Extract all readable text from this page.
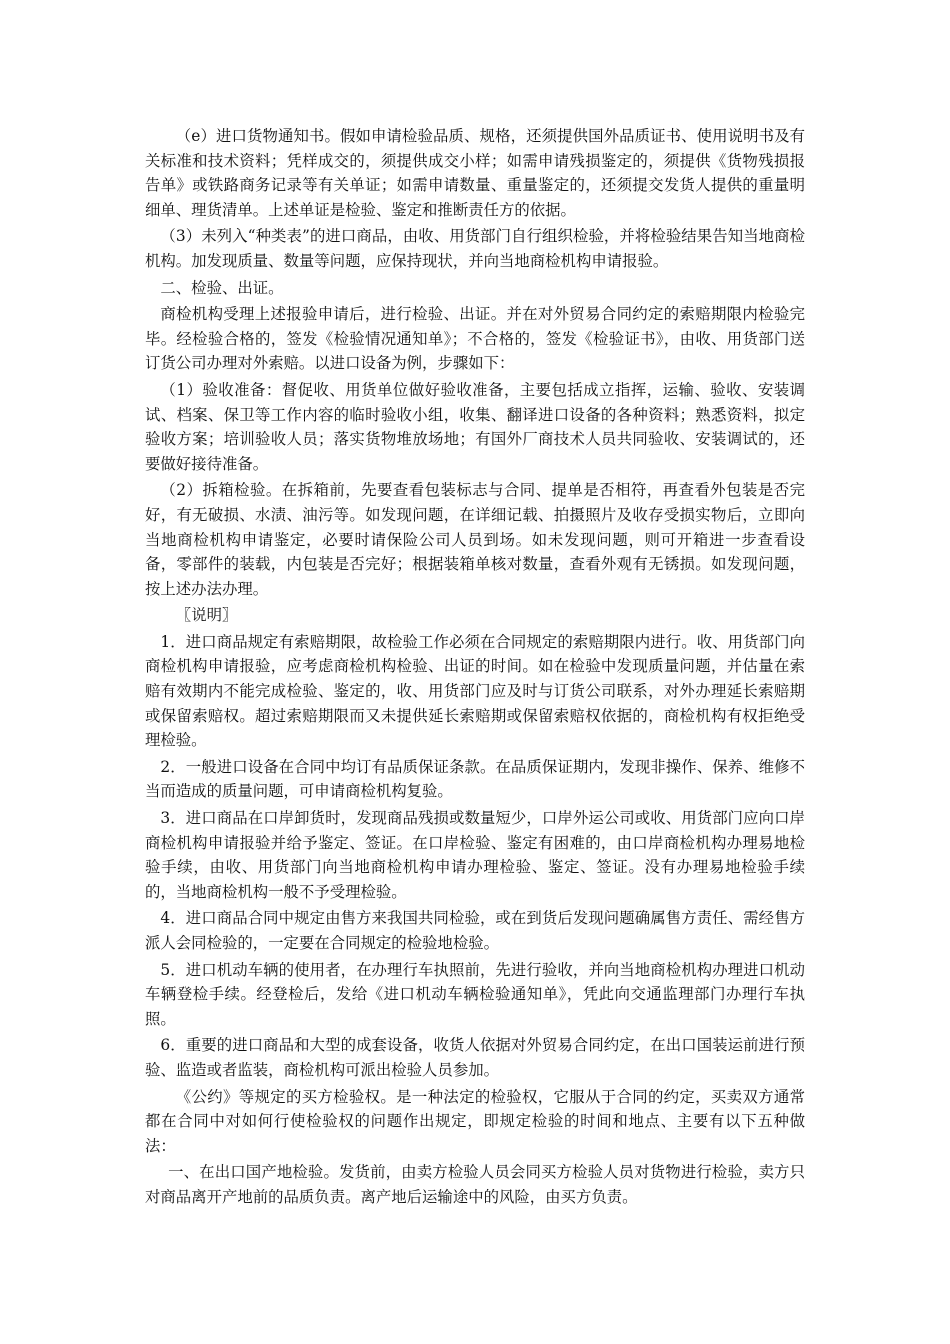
（e）进口货物通知书。假如申请检验品质、规格，还须提供国外品质证书、使用说明书及有关标准和技术资料；凭样成交的，须提供成交小样；如需申请残损鉴定的，须提供《货物残损报告单》或铁路商务记录等有关单证；如需申请数量、重量鉴定的，还须提交发货人提供的重量明细单、理货清单。上述单证是检验、鉴定和推断责任方的依据。

（3）未列入“种类表”的进口商品，由收、用货部门自行组织检验，并将检验结果告知当地商检机构。加发现质量、数量等问题，应保持现状，并向当地商检机构申请报验。

二、检验、出证。

商检机构受理上述报验申请后，进行检验、出证。并在对外贸易合同约定的索赔期限内检验完毕。经检验合格的，签发《检验情况通知单》；不合格的，签发《检验证书》，由收、用货部门送订货公司办理对外索赔。以进口设备为例，步骤如下：

（1）验收准备：督促收、用货单位做好验收准备，主要包括成立指挥，运输、验收、安装调试、档案、保卫等工作内容的临时验收小组，收集、翻译进口设备的各种资料；熟悉资料，拟定验收方案；培训验收人员；落实货物堆放场地；有国外厂商技术人员共同验收、安装调试的，还要做好接待准备。

（2）拆箱检验。在拆箱前，先要查看包装标志与合同、提单是否相符，再查看外包装是否完好，有无破损、水渍、油污等。如发现问题，在详细记载、拍摄照片及收存受损实物后，立即向当地商检机构申请鉴定，必要时请保险公司人员到场。如未发现问题，则可开箱进一步查看设备，零部件的装载，内包装是否完好；根据装箱单核对数量，查看外观有无锈损。如发现问题，按上述办法办理。

〖说明〗

1．进口商品规定有索赔期限，故检验工作必须在合同规定的索赔期限内进行。收、用货部门向商检机构申请报验，应考虑商检机构检验、出证的时间。如在检验中发现质量问题，并估量在索赔有效期内不能完成检验、鉴定的，收、用货部门应及时与订货公司联系，对外办理延长索赔期或保留索赔权。超过索赔期限而又未提供延长索赔期或保留索赔权依据的，商检机构有权拒绝受理检验。

2．一般进口设备在合同中均订有品质保证条款。在品质保证期内，发现非操作、保养、维修不当而造成的质量问题，可申请商检机构复验。

3．进口商品在口岸卸货时，发现商品残损或数量短少，口岸外运公司或收、用货部门应向口岸商检机构申请报验并给予鉴定、签证。在口岸检验、鉴定有困难的，由口岸商检机构办理易地检验手续，由收、用货部门向当地商检机构申请办理检验、鉴定、签证。没有办理易地检验手续的，当地商检机构一般不予受理检验。

4．进口商品合同中规定由售方来我国共同检验，或在到货后发现问题确属售方责任、需经售方派人会同检验的，一定要在合同规定的检验地检验。

5．进口机动车辆的使用者，在办理行车执照前，先进行验收，并向当地商检机构办理进口机动车辆登检手续。经登检后，发给《进口机动车辆检验通知单》，凭此向交通监理部门办理行车执照。

6．重要的进口商品和大型的成套设备，收货人依据对外贸易合同约定，在出口国装运前进行预验、监造或者监装，商检机构可派出检验人员参加。

《公约》等规定的买方检验权。是一种法定的检验权，它服从于合同的约定，买卖双方通常都在合同中对如何行使检验权的问题作出规定，即规定检验的时间和地点、主要有以下五种做法：

一、在出口国产地检验。发货前，由卖方检验人员会同买方检验人员对货物进行检验，卖方只对商品离开产地前的品质负责。离产地后运输途中的风险，由买方负责。
